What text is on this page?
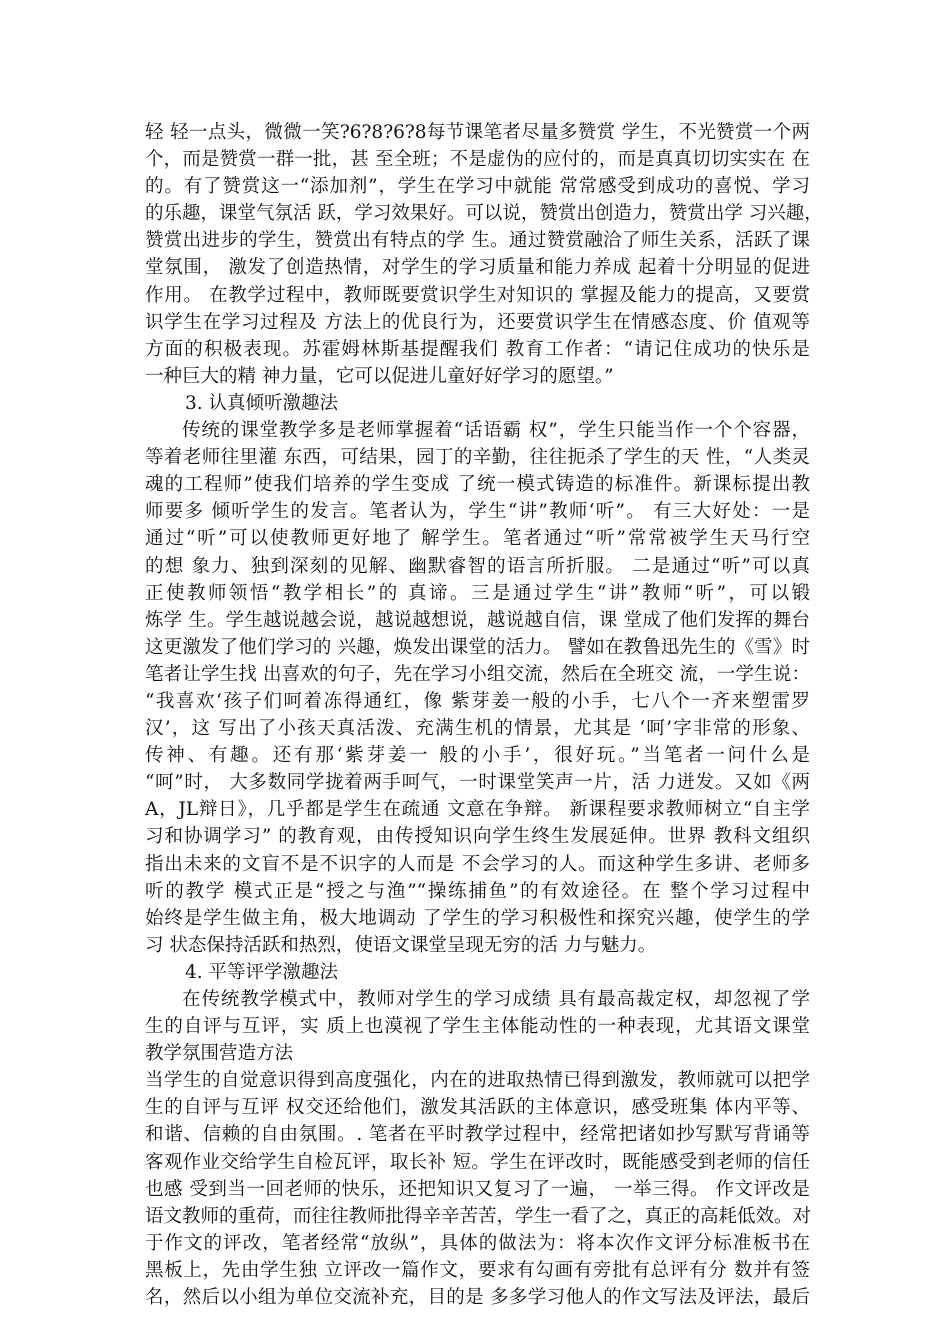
轻 轻一点头，微微一笑?6?8?6?8每节课笔者尽量多赞赏 学生，不光赞赏一个两
个，而是赞赏一群一批，甚 至全班；不是虚伪的应付的，而是真真切切实实在 在
的。有了赞赏这一“添加剂”，学生在学习中就能 常常感受到成功的喜悦、学习
的乐趣，课堂气氛活 跃，学习效果好。可以说，赞赏出创造力，赞赏出学 习兴趣，
赞赏出进步的学生，赞赏出有特点的学 生。通过赞赏融洽了师生关系，活跃了课
堂氛围， 激发了创造热情，对学生的学习质量和能力养成 起着十分明显的促进
作用。 在教学过程中，教师既要赏识学生对知识的 掌握及能力的提高，又要赏
识学生在学习过程及 方法上的优良行为，还要赏识学生在情感态度、价 值观等
方面的积极表现。苏霍姆林斯基提醒我们 教育工作者：“请记住成功的快乐是
一种巨大的精 神力量，它可以促进儿童好好学习的愿望。”
3. 认真倾听激趣法
传统的课堂教学多是老师掌握着“话语霸 权”，学生只能当作一个个容器，
等着老师往里灌 东西，可结果，园丁的辛勤，往往扼杀了学生的天 性，“人类灵
魂的工程师”使我们培养的学生变成 了统一模式铸造的标准件。新课标提出教
师要多 倾听学生的发言。笔者认为，学生“讲”教师‘听”。 有三大好处：一是
通过“听”可以使教师更好地了 解学生。笔者通过“听”常常被学生天马行空
的想 象力、独到深刻的见解、幽默睿智的语言所折服。 二是通过“听”可以真
正使教师领悟“教学相长”的 真谛。三是通过学生“讲”教师“听”，可以锻
炼学 生。学生越说越会说，越说越想说，越说越自信，课 堂成了他们发挥的舞台
这更激发了他们学习的 兴趣，焕发出课堂的活力。 譬如在教鲁迅先生的《雪》时
笔者让学生找 出喜欢的句子，先在学习小组交流，然后在全班交 流，一学生说：
“我喜欢‘孩子们呵着冻得通红，像 紫芽姜一般的小手，七八个一齐来塑雷罗
汉’，这 写出了小孩天真活泼、充满生机的情景，尤其是 ‘呵’字非常的形象、
传神、有趣。还有那‘紫芽姜一 般的小手’，很好玩。”当笔者一问什么是
“呵”时， 大多数同学拢着两手呵气，一时课堂笑声一片，活 力迸发。又如《两
A，JL辩日》，几乎都是学生在疏通 文意在争辩。 新课程要求教师树立“自主学
习和协调学习” 的教育观，由传授知识向学生终生发展延伸。世界 教科文组织
指出未来的文盲不是不识字的人而是 不会学习的人。而这种学生多讲、老师多
听的教学 模式正是“授之与渔”“操练捕鱼”的有效途径。在 整个学习过程中
始终是学生做主角，极大地调动 了学生的学习积极性和探究兴趣，使学生的学
习 状态保持活跃和热烈，使语文课堂呈现无穷的活 力与魅力。
4. 平等评学激趣法
在传统教学模式中，教师对学生的学习成绩 具有最高裁定权，却忽视了学
生的自评与互评，实 质上也漠视了学生主体能动性的一种表现，尤其语文课堂
教学氛围营造方法
当学生的自觉意识得到高度强化，内在的进取热情已得到激发，教师就可以把学
生的自评与互评 权交还给他们，激发其活跃的主体意识，感受班集 体内平等、
和谐、信赖的自由氛围。. 笔者在平时教学过程中，经常把诸如抄写默写背诵等
客观作业交给学生自检瓦评，取长补 短。学生在评改时，既能感受到老师的信任
也感 受到当一回老师的快乐，还把知识又复习了一遍， 一举三得。 作文评改是
语文教师的重荷，而往往教师批得辛辛苦苦，学生一看了之，真正的高耗低效。对
于作文的评改，笔者经常“放纵”，具体的做法为：将本次作文评分标准板书在
黑板上，先由学生独 立评改一篇作文，要求有勾画有旁批有总评有分 数并有签
名，然后以小组为单位交流补充，目的是 多多学习他人的作文写法及评法，最后
